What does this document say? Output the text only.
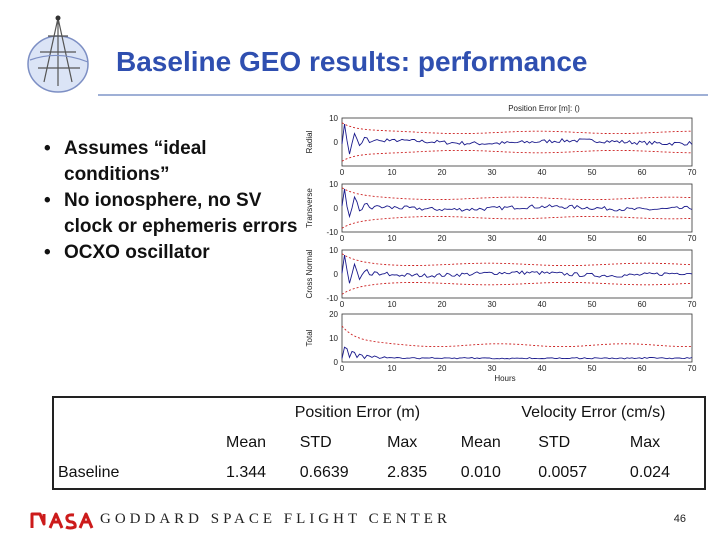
Baseline GEO results: performance
• Assumes “ideal conditions”
• No ionosphere, no SV clock or ephemeris errors
• OCXO oscillator
Position Error [m]: ()
Hours
Radial
10
0
0	10	20	30	40	50	60	70
Transverse
10
0
-10
0	10	20	30	40	50	60	70
Cross Normal 10
0
-10
0	10	20	30	40	50	60	70
Total
20
10
0
0	10	20	30	40	50	60	70
	Position Error (m)			Velocity Error (cm/s)		
	Mean	STD	Max	Mean	STD	Max
Baseline	1.344	0.6639	2.835	0.010	0.0057	0.024
GODDARD SPACE FLIGHT CENTER	46
